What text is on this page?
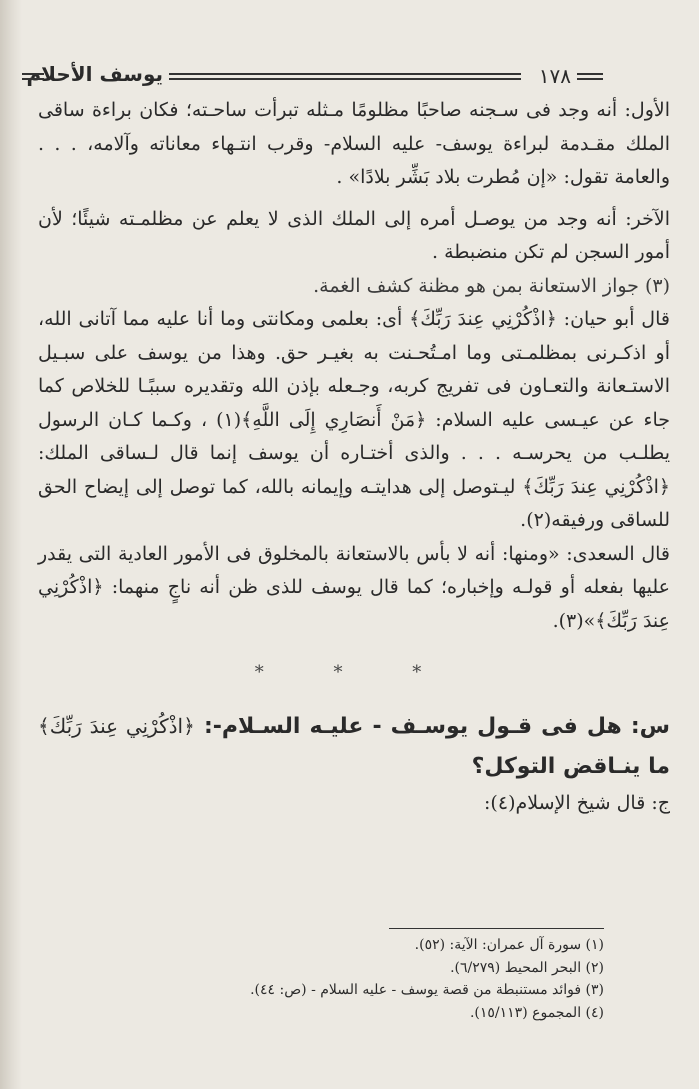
١٧٨
يوسف الأحلام

الأول: أنه وجد فى سـجنه صاحبًا مظلومًا مـثله تبرأت ساحـته؛ فكان براءة ساقى الملك مقـدمة لبراءة يوسف- عليه السلام- وقرب انتـهاء معاناته وآلامه، . . . والعامة تقول: «إن مُطرت بلاد بَشِّر بلادًا» .

الآخر: أنه وجد من يوصـل أمره إلى الملك الذى لا يعلم عن مظلمـته شيئًا؛ لأن أمور السجن لم تكن منضبطة .

(٣) جواز الاستعانة بمن هو مظنة كشف الغمة.

قال أبو حيان: ﴿اذْكُرْنِي عِندَ رَبِّكَ﴾ أى: بعلمى ومكانتى وما أنا عليه مما آتانى الله، أو اذكـرنى بمظلمـتى وما امـتُحـنت به بغيـر حق. وهذا من يوسف على سبـيل الاستـعانة والتعـاون فى تفريج كربه، وجـعله بإذن الله وتقديره سببًـا للخلاص كما جاء عن عيـسى عليه السلام: ﴿مَنْ أَنصَارِي إِلَى اللَّهِ﴾(١) ، وكـما كـان الرسول يطلـب من يحرسـه . . . والذى أختـاره أن يوسف إنما قال لـساقى الملك: ﴿اذْكُرْنِي عِندَ رَبِّكَ﴾ ليـتوصل إلى هدايتـه وإيمانه بالله، كما توصل إلى إيضاح الحق للساقى ورفيقه(٢).

قال السعدى: «ومنها: أنه لا بأس بالاستعانة بالمخلوق فى الأمور العادية التى يقدر عليها بفعله أو قولـه وإخباره؛ كما قال يوسف للذى ظن أنه ناجٍ منهما: ﴿اذْكُرْنِي عِندَ رَبِّكَ﴾»(٣).

* * *

س: هل فى قـول يوسـف - عليـه السـلام-: ﴿اذْكُرْنِي عِندَ رَبِّكَ﴾ ما ينـاقض التوكل؟

ج: قال شيخ الإسلام(٤):

(١) سورة آل عمران: الآية: (٥٢).
(٢) البحر المحيط (٦/٢٧٩).
(٣) فوائد مستنبطة من قصة يوسف - عليه السلام - (ص: ٤٤).
(٤) المجموع (١٥/١١٣).
